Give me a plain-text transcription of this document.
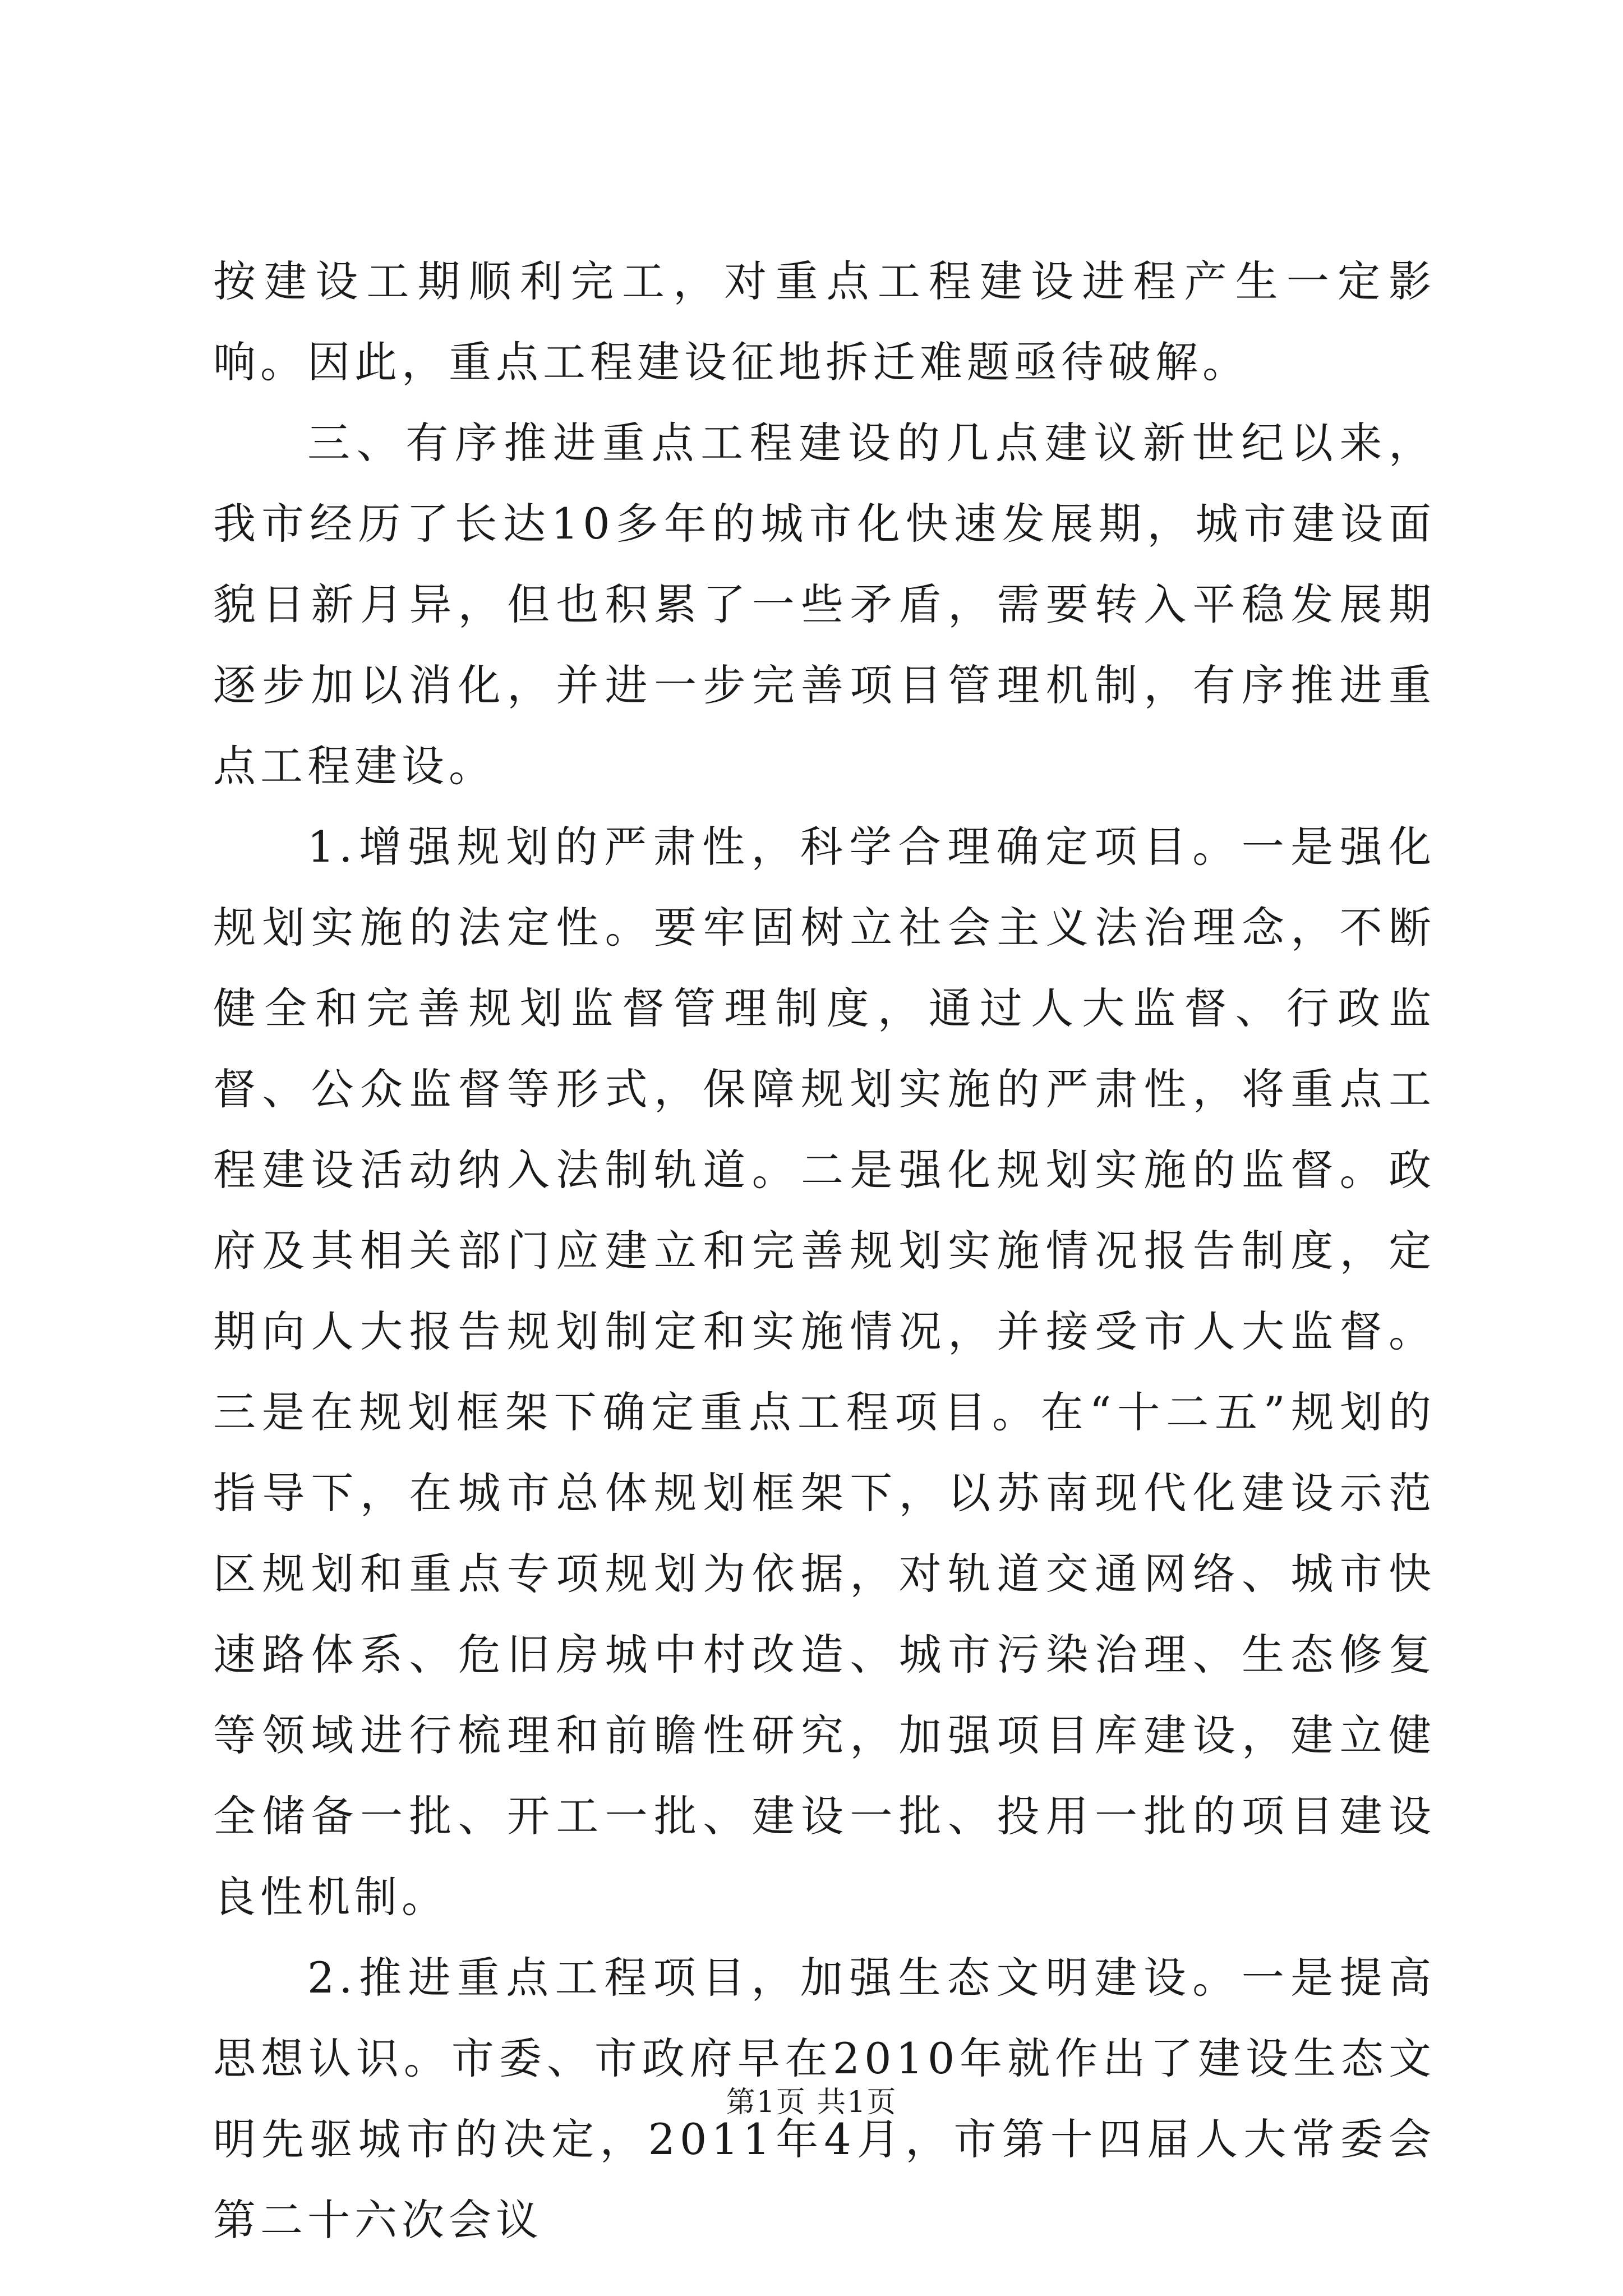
按建设工期顺利完工，对重点工程建设进程产生一定影响。因此，重点工程建设征地拆迁难题亟待破解。

三、有序推进重点工程建设的几点建议新世纪以来，我市经历了长达10多年的城市化快速发展期，城市建设面貌日新月异，但也积累了一些矛盾，需要转入平稳发展期逐步加以消化，并进一步完善项目管理机制，有序推进重点工程建设。

1.增强规划的严肃性，科学合理确定项目。一是强化规划实施的法定性。要牢固树立社会主义法治理念，不断健全和完善规划监督管理制度，通过人大监督、行政监督、公众监督等形式，保障规划实施的严肃性，将重点工程建设活动纳入法制轨道。二是强化规划实施的监督。政府及其相关部门应建立和完善规划实施情况报告制度，定期向人大报告规划制定和实施情况，并接受市人大监督。三是在规划框架下确定重点工程项目。在“十二五”规划的指导下，在城市总体规划框架下，以苏南现代化建设示范区规划和重点专项规划为依据，对轨道交通网络、城市快速路体系、危旧房城中村改造、城市污染治理、生态修复等领域进行梳理和前瞻性研究，加强项目库建设，建立健全储备一批、开工一批、建设一批、投用一批的项目建设良性机制。

2.推进重点工程项目，加强生态文明建设。一是提高思想认识。市委、市政府早在2010年就作出了建设生态文明先驱城市的决定，2011年4月，市第十四届人大常委会第二十六次会议

第1页 共1页
